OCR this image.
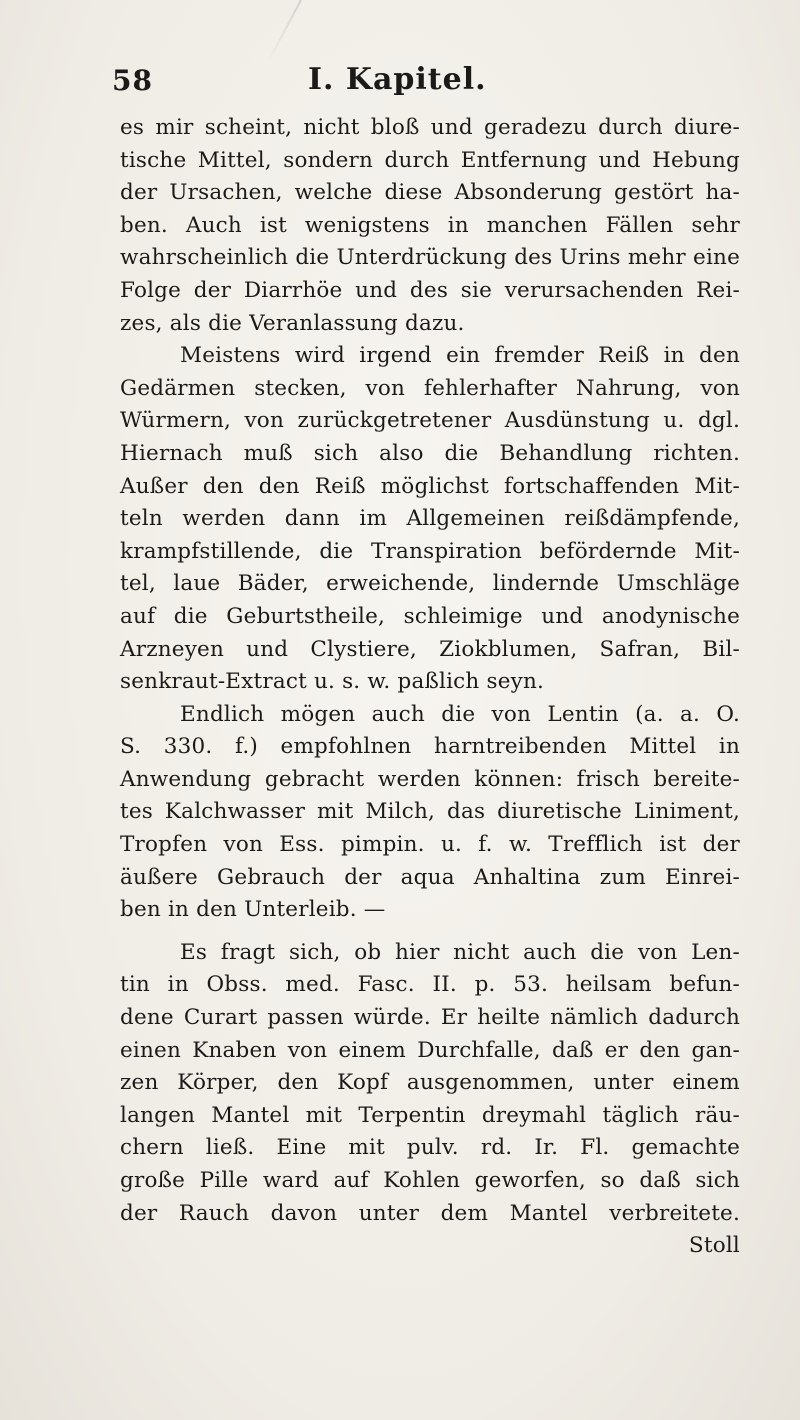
58	I. Kapitel.
es mir scheint, nicht bloß und geradezu durch diure-
tische Mittel, sondern durch Entfernung und Hebung
der Ursachen, welche diese Absonderung gestört ha-
ben. Auch ist wenigstens in manchen Fällen sehr
wahrscheinlich die Unterdrückung des Urins mehr eine
Folge der Diarrhöe und des sie verursachenden Rei-
zes, als die Veranlassung dazu.
Meistens wird irgend ein fremder Reiß in den
Gedärmen stecken, von fehlerhafter Nahrung, von
Würmern, von zurückgetretener Ausdünstung u. dgl.
Hiernach muß sich also die Behandlung richten.
Außer den den Reiß möglichst fortschaffenden Mit-
teln werden dann im Allgemeinen reißdämpfende,
krampfstillende, die Transpiration befördernde Mit-
tel, laue Bäder, erweichende, lindernde Umschläge
auf die Geburtstheile, schleimige und anodynische
Arzneyen und Clystiere, Ziokblumen, Safran, Bil-
senkraut-Extract u. s. w. paßlich seyn.
Endlich mögen auch die von Lentin (a. a. O.
S. 330. f.) empfohlnen harntreibenden Mittel in
Anwendung gebracht werden können: frisch bereite-
tes Kalchwasser mit Milch, das diuretische Liniment,
Tropfen von Ess. pimpin. u. f. w. Trefflich ist der
äußere Gebrauch der aqua Anhaltina zum Einrei-
ben in den Unterleib. —
Es fragt sich, ob hier nicht auch die von Len-
tin in Obss. med. Fasc. II. p. 53. heilsam befun-
dene Curart passen würde. Er heilte nämlich dadurch
einen Knaben von einem Durchfalle, daß er den gan-
zen Körper, den Kopf ausgenommen, unter einem
langen Mantel mit Terpentin dreymahl täglich räu-
chern ließ. Eine mit pulv. rd. Ir. Fl. gemachte
große Pille ward auf Kohlen geworfen, so daß sich
der Rauch davon unter dem Mantel verbreitete.
Stoll
